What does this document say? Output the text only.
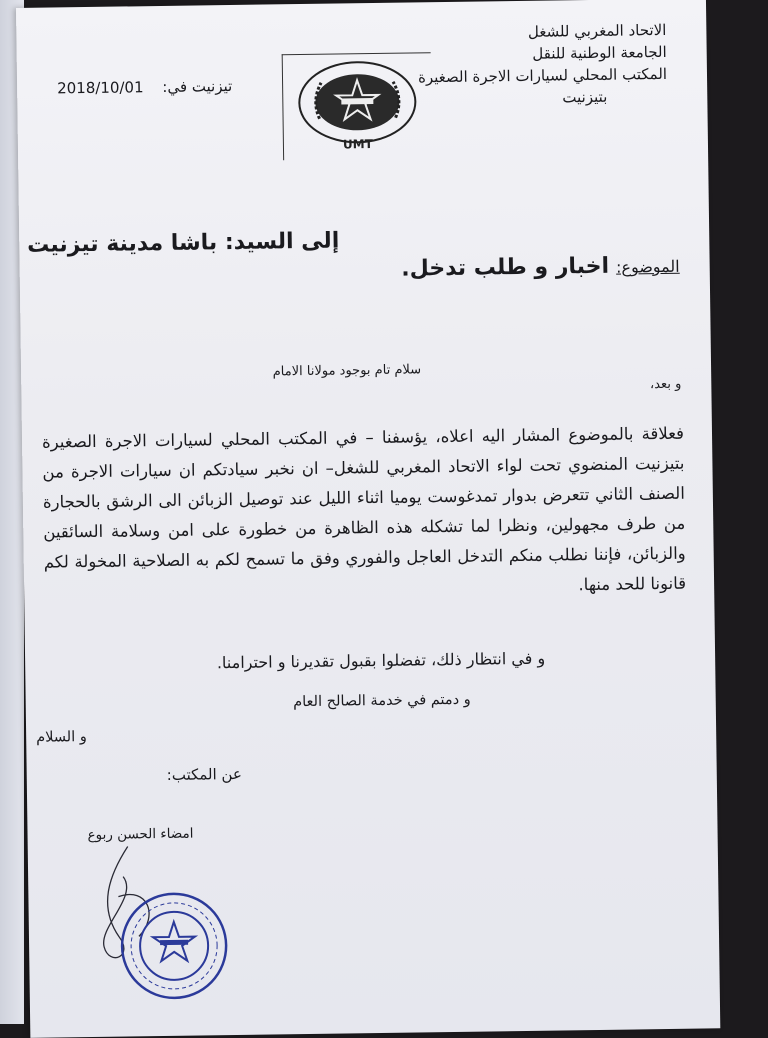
الاتحاد المغربي للشغل
الجامعة الوطنية للنقل
المكتب المحلي لسيارات الاجرة الصغيرة
بتيزنيت
UMT
2018/10/01 تيزنيت في:
إلى السيد: باشا مدينة تيزنيت
الموضوع: اخبار و طلب تدخل.
سلام تام بوجود مولانا الامام
و بعد،
فعلاقة بالموضوع المشار اليه اعلاه، يؤسفنا – في المكتب المحلي لسيارات الاجرة الصغيرة بتيزنيت المنضوي تحت لواء الاتحاد المغربي للشغل– ان نخبر سيادتكم ان سيارات الاجرة من الصنف الثاني تتعرض بدوار تمدغوست يوميا اثناء الليل عند توصيل الزبائن الى الرشق بالحجارة من طرف مجهولين، ونظرا لما تشكله هذه الظاهرة من خطورة على امن وسلامة السائقين والزبائن، فإننا نطلب منكم التدخل العاجل والفوري وفق ما تسمح لكم به الصلاحية المخولة لكم قانونا للحد منها.
و في انتظار ذلك، تفضلوا بقبول تقديرنا و احترامنا.
و دمتم في خدمة الصالح العام
و السلام
عن المكتب:
امضاء الحسن ربوع
